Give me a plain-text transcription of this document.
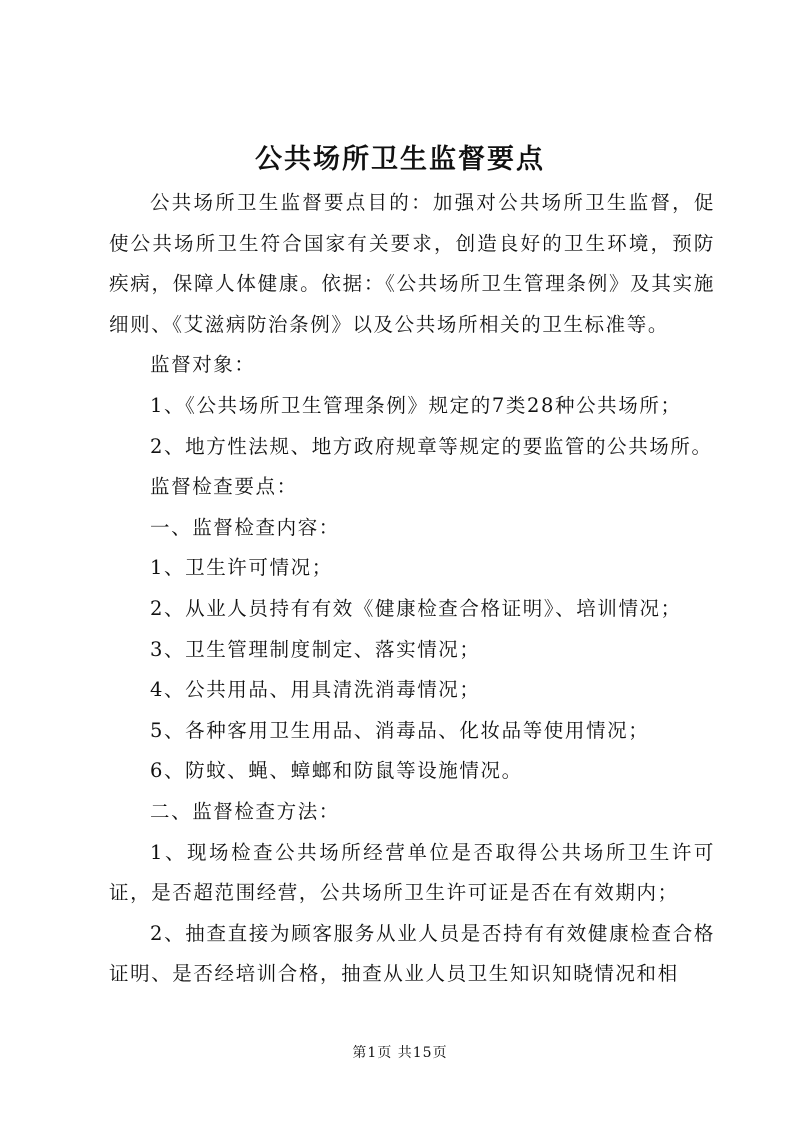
公共场所卫生监督要点

公共场所卫生监督要点目的：加强对公共场所卫生监督，促使公共场所卫生符合国家有关要求，创造良好的卫生环境，预防疾病，保障人体健康。依据：《公共场所卫生管理条例》及其实施细则、《艾滋病防治条例》以及公共场所相关的卫生标准等。

监督对象：

1、《公共场所卫生管理条例》规定的7类28种公共场所；

2、地方性法规、地方政府规章等规定的要监管的公共场所。

监督检查要点：

一、监督检查内容：

1、卫生许可情况；

2、从业人员持有有效《健康检查合格证明》、培训情况；

3、卫生管理制度制定、落实情况；

4、公共用品、用具清洗消毒情况；

5、各种客用卫生用品、消毒品、化妆品等使用情况；

6、防蚊、蝇、蟑螂和防鼠等设施情况。

二、监督检查方法：

1、现场检查公共场所经营单位是否取得公共场所卫生许可证，是否超范围经营，公共场所卫生许可证是否在有效期内；

2、抽查直接为顾客服务从业人员是否持有有效健康检查合格证明、是否经培训合格，抽查从业人员卫生知识知晓情况和相

第1页 共15页
